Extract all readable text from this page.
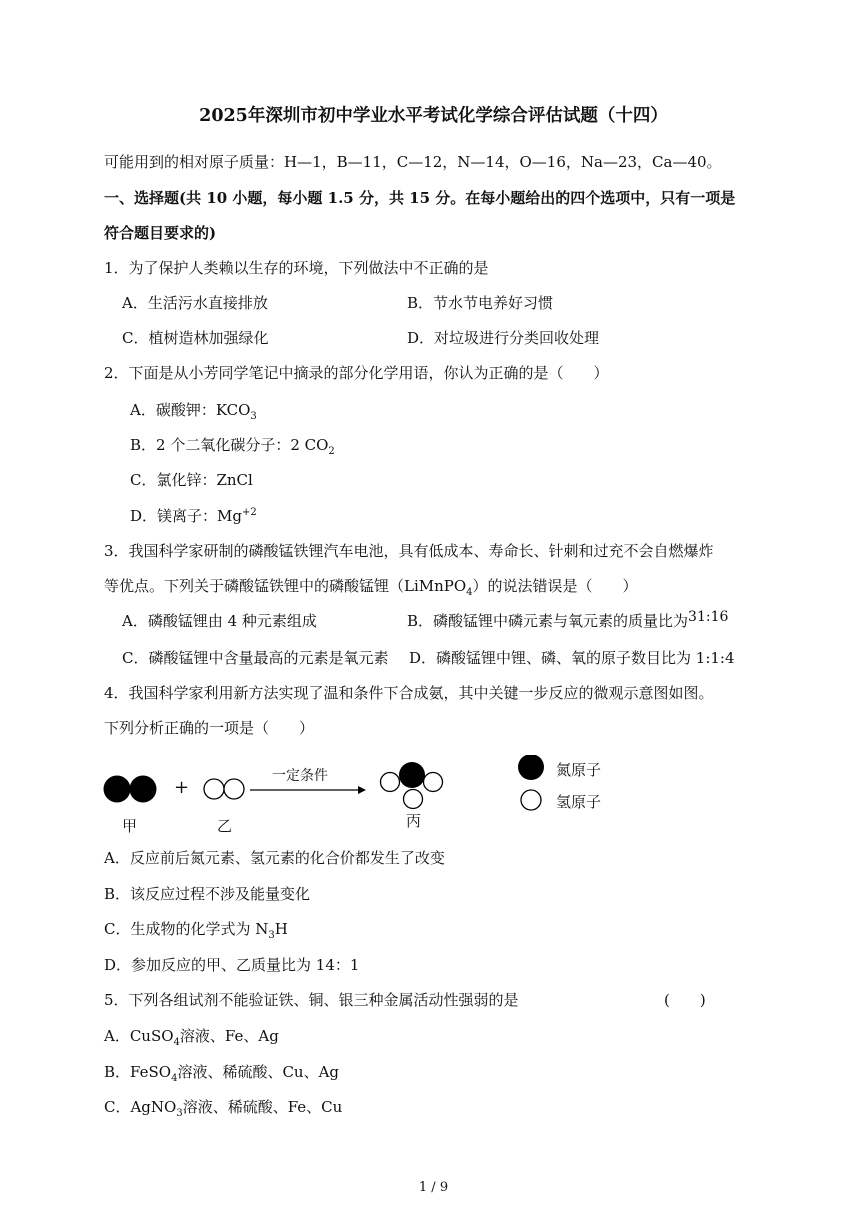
2025年深圳市初中学业水平考试化学综合评估试题（十四）
可能用到的相对原子质量：H—1，B—11，C—12，N—14，O—16，Na—23，Ca—40。
一、选择题(共 10 小题，每小题 1.5 分，共 15 分。在每小题给出的四个选项中，只有一项是
符合题目要求的)
1．为了保护人类赖以生存的环境，下列做法中不正确的是
A．生活污水直接排放	B．节水节电养好习惯
C．植树造林加强绿化	D．对垃圾进行分类回收处理
2．下面是从小芳同学笔记中摘录的部分化学用语，你认为正确的是（　　）
A．碳酸钾：$KCO_3$
B．2 个二氧化碳分子：2 $CO_2$
C．氯化锌：ZnCl
D．镁离子：$Mg^{+2}$
3．我国科学家研制的磷酸锰铁锂汽车电池，具有低成本、寿命长、针刺和过充不会自燃爆炸
等优点。下列关于磷酸锰铁锂中的磷酸锰锂（LiMnPO$_4$）的说法错误是（　　）
A．磷酸锰锂由 4 种元素组成	B．磷酸锰锂中磷元素与氧元素的质量比为31:16
C．磷酸锰锂中含量最高的元素是氧元素 D．磷酸锰锂中锂、磷、氧的原子数目比为 1:1:4
4．我国科学家利用新方法实现了温和条件下合成氨，其中关键一步反应的微观示意图如图。
下列分析正确的一项是（　　）
+
一定条件
甲	乙	丙
氮原子
氢原子
A．反应前后氮元素、氢元素的化合价都发生了改变
B．该反应过程不涉及能量变化
C．生成物的化学式为 $N_3H$
D．参加反应的甲、乙质量比为 14：1
5．下列各组试剂不能验证铁、铜、银三种金属活动性强弱的是	(　　)
A．CuSO$_4$溶液、Fe、Ag
B．FeSO$_4$溶液、稀硫酸、Cu、Ag
C．AgNO$_3$溶液、稀硫酸、Fe、Cu
1 / 9
